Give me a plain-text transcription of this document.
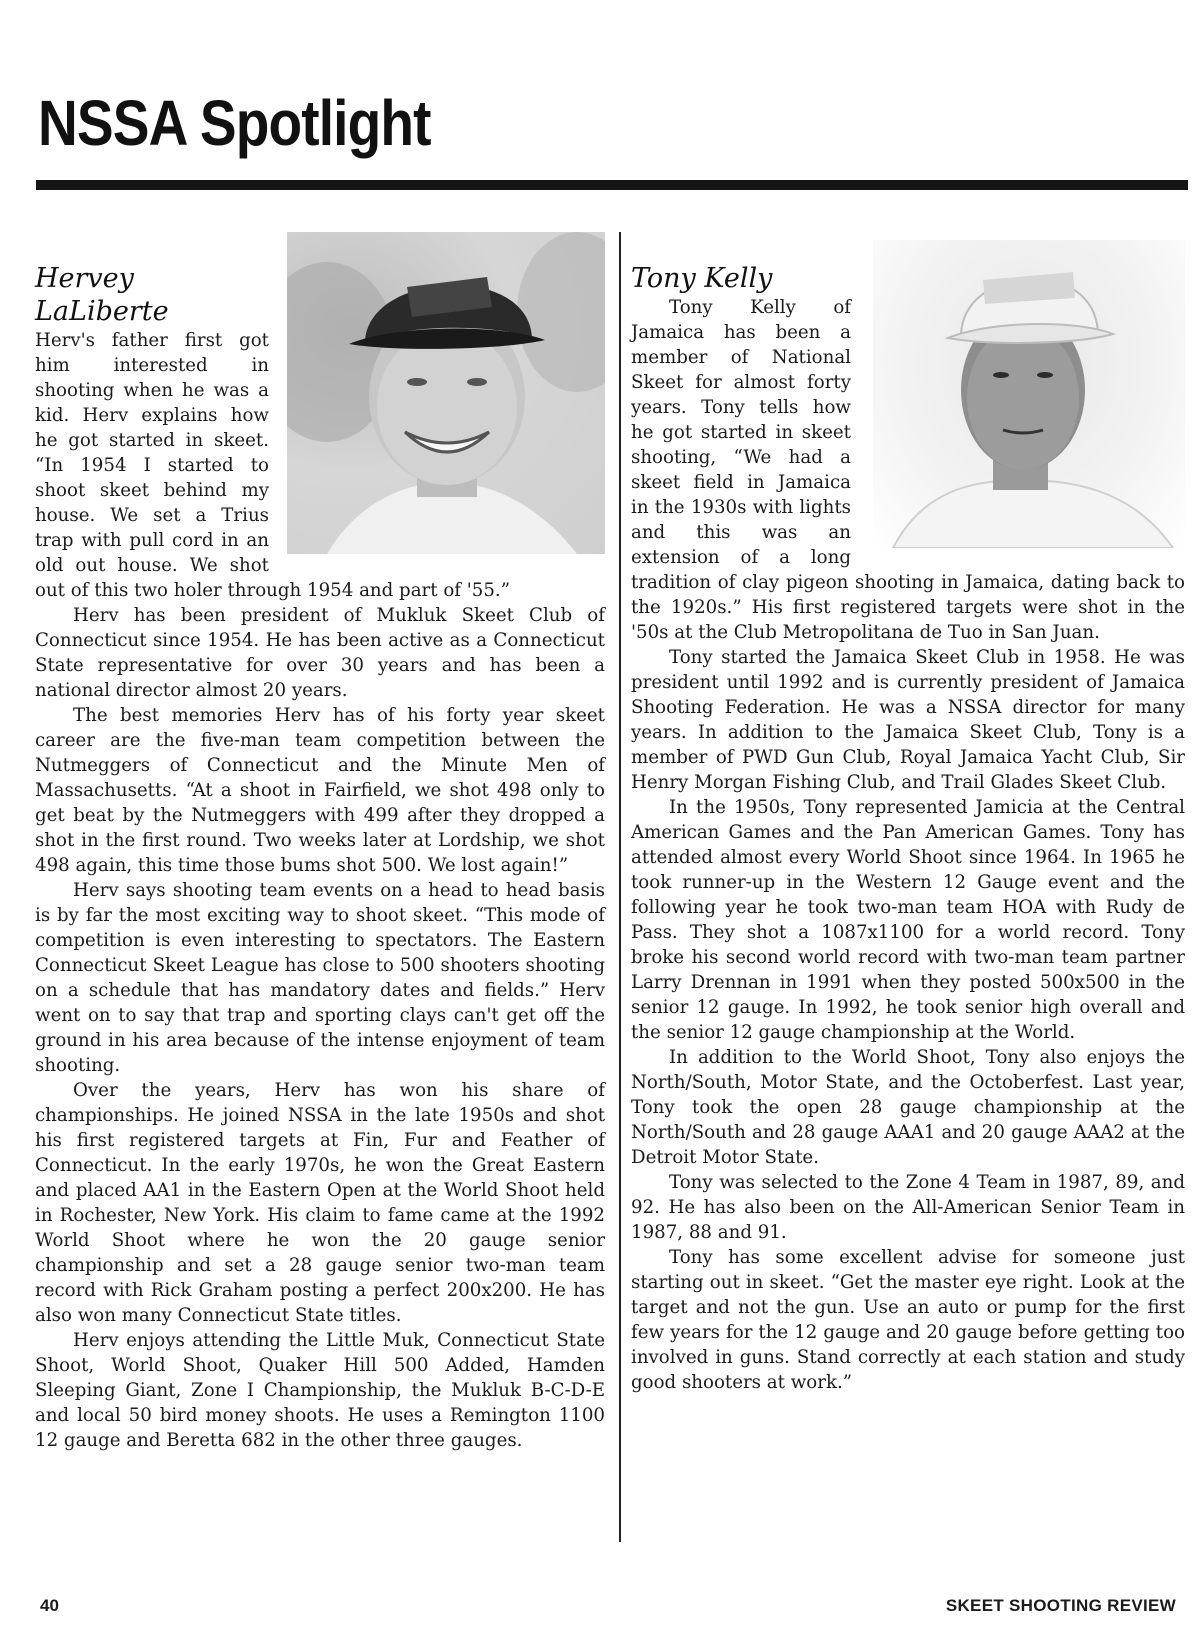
NSSA Spotlight
Hervey
LaLiberte

Herv's father first got him interested in shooting when he was a kid. Herv explains how he got started in skeet. “In 1954 I started to shoot skeet behind my house. We set a Trius trap with pull cord in an old out house. We shot out of this two holer through 1954 and part of '55.”

Herv has been president of Mukluk Skeet Club of Connecticut since 1954. He has been active as a Connecticut State representative for over 30 years and has been a national director almost 20 years.

The best memories Herv has of his forty year skeet career are the five-man team competition between the Nutmeggers of Connecticut and the Minute Men of Massachusetts. “At a shoot in Fairfield, we shot 498 only to get beat by the Nutmeggers with 499 after they dropped a shot in the first round. Two weeks later at Lordship, we shot 498 again, this time those bums shot 500. We lost again!”

Herv says shooting team events on a head to head basis is by far the most exciting way to shoot skeet. “This mode of competition is even interesting to spectators. The Eastern Connecticut Skeet League has close to 500 shooters shooting on a schedule that has mandatory dates and fields.” Herv went on to say that trap and sporting clays can't get off the ground in his area because of the intense enjoyment of team shooting.

Over the years, Herv has won his share of championships. He joined NSSA in the late 1950s and shot his first registered targets at Fin, Fur and Feather of Connecticut. In the early 1970s, he won the Great Eastern and placed AA1 in the Eastern Open at the World Shoot held in Rochester, New York. His claim to fame came at the 1992 World Shoot where he won the 20 gauge senior championship and set a 28 gauge senior two-man team record with Rick Graham posting a perfect 200x200. He has also won many Connecticut State titles.

Herv enjoys attending the Little Muk, Connecticut State Shoot, World Shoot, Quaker Hill 500 Added, Hamden Sleeping Giant, Zone I Championship, the Mukluk B-C-D-E and local 50 bird money shoots. He uses a Remington 1100 12 gauge and Beretta 682 in the other three gauges.

Tony Kelly

Tony Kelly of Jamaica has been a member of National Skeet for almost forty years. Tony tells how he got started in skeet shooting, “We had a skeet field in Jamaica in the 1930s with lights and this was an extension of a long tradition of clay pigeon shooting in Jamaica, dating back to the 1920s.” His first registered targets were shot in the '50s at the Club Metropolitana de Tuo in San Juan.

Tony started the Jamaica Skeet Club in 1958. He was president until 1992 and is currently president of Jamaica Shooting Federation. He was a NSSA director for many years. In addition to the Jamaica Skeet Club, Tony is a member of PWD Gun Club, Royal Jamaica Yacht Club, Sir Henry Morgan Fishing Club, and Trail Glades Skeet Club.

In the 1950s, Tony represented Jamicia at the Central American Games and the Pan American Games. Tony has attended almost every World Shoot since 1964. In 1965 he took runner-up in the Western 12 Gauge event and the following year he took two-man team HOA with Rudy de Pass. They shot a 1087x1100 for a world record. Tony broke his second world record with two-man team partner Larry Drennan in 1991 when they posted 500x500 in the senior 12 gauge. In 1992, he took senior high overall and the senior 12 gauge championship at the World.

In addition to the World Shoot, Tony also enjoys the North/South, Motor State, and the Octoberfest. Last year, Tony took the open 28 gauge championship at the North/South and 28 gauge AAA1 and 20 gauge AAA2 at the Detroit Motor State.

Tony was selected to the Zone 4 Team in 1987, 89, and 92. He has also been on the All-American Senior Team in 1987, 88 and 91.

Tony has some excellent advise for someone just starting out in skeet. “Get the master eye right. Look at the target and not the gun. Use an auto or pump for the first few years for the 12 gauge and 20 gauge before getting too involved in guns. Stand correctly at each station and study good shooters at work.”

40	SKEET SHOOTING REVIEW
